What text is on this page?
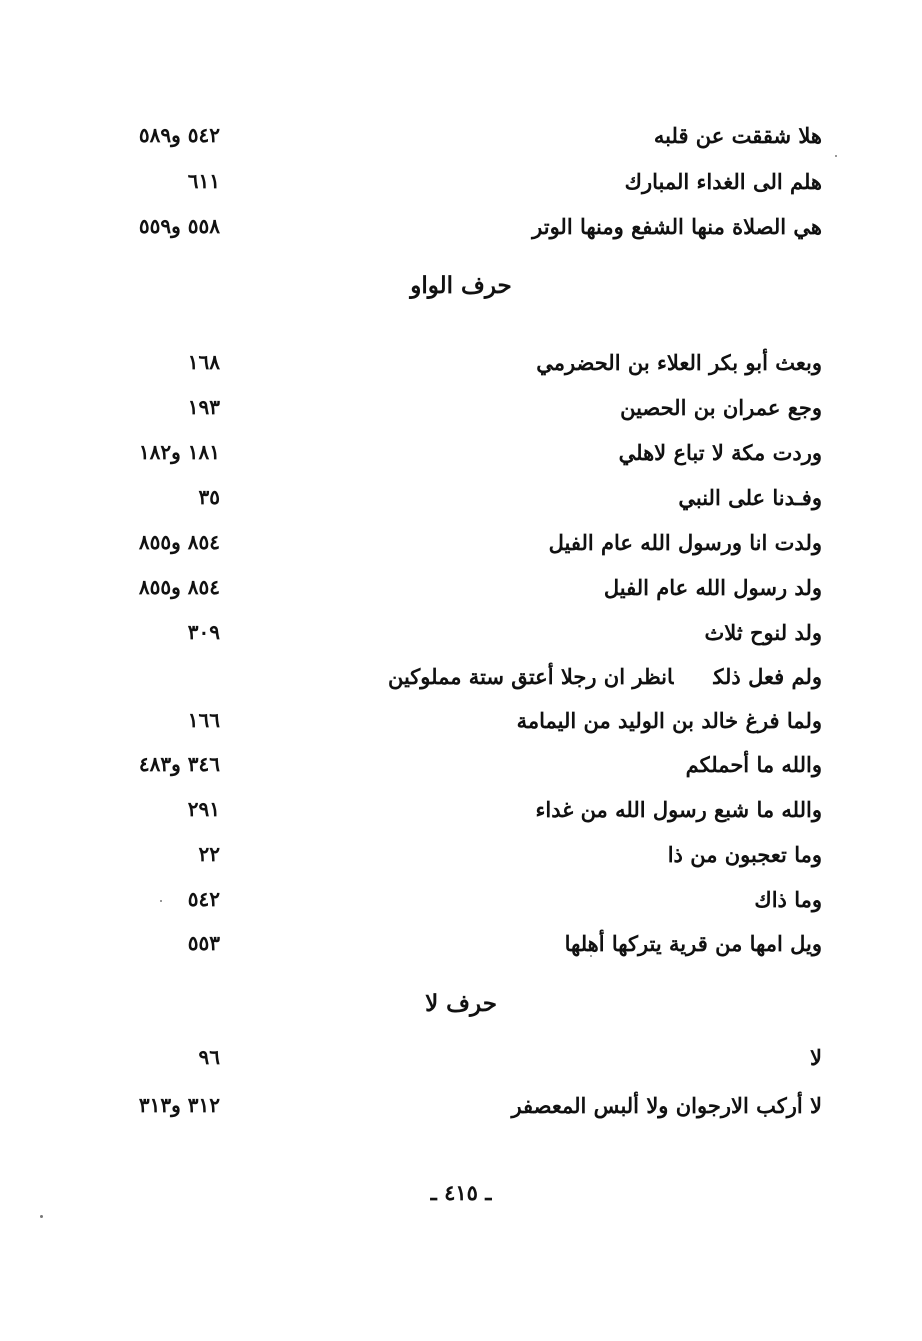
٥٤٢ و٥٨٩	هلا شققت عن قلبه
٦١١	هلم الى الغداء المبارك
٥٥٨ و٥٥٩	هي الصلاة منها الشفع ومنها الوتر
حرف الواو
١٦٨	وبعث أبو بكر العلاء بن الحضرمي
١٩٣	وجع عمران بن الحصين
١٨١ و١٨٢	وردت مكة لا تباع لاهلي
٣٥	وفـدنا على النبي
٨٥٤ و٨٥٥	ولدت انا ورسول الله عام الفيل
٨٥٤ و٨٥٥	ولد رسول الله عام الفيل
٣٠٩	ولد لنوح ثلاث
ولم فعل ذلكانظر ان رجلا أعتق ستة مملوكين
١٦٦	ولما فرغ خالد بن الوليد من اليمامة
٣٤٦ و٤٨٣	والله ما أحملكم
٢٩١	والله ما شبع رسول الله من غداء
٢٢	وما تعجبون من ذا
٥٤٢	وما ذاك
٥٥٣	ويل امها من قرية يتركها أهلها
حرف لا
٩٦	لا
٣١٢ و٣١٣	لا أركب الارجوان ولا ألبس المعصفر
ـ ٤١٥ ـ
